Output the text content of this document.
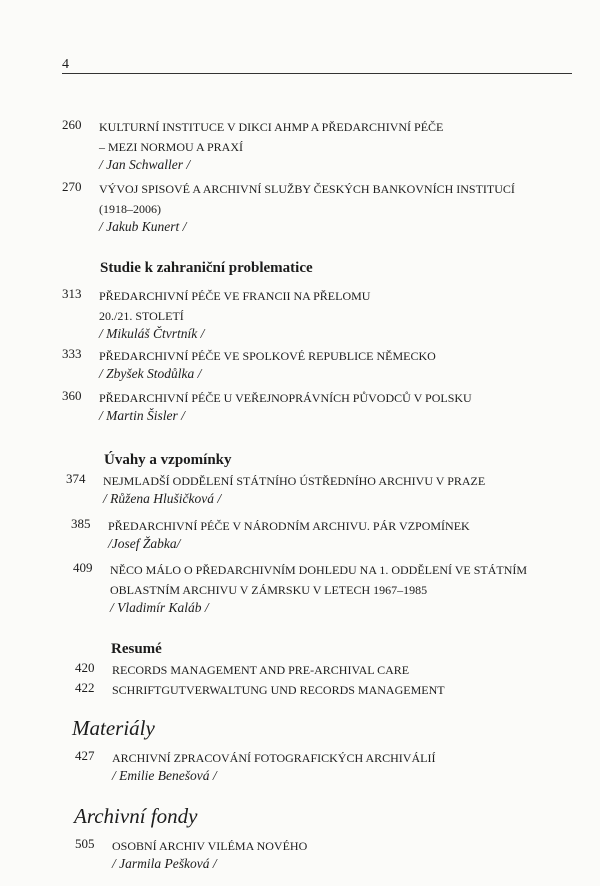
4
260	KULTURNÍ INSTITUCE V DIKCI AHMP A PŘEDARCHIVNÍ PÉČE
– MEZI NORMOU A PRAXÍ
/ Jan Schwaller /
270	VÝVOJ SPISOVÉ A ARCHIVNÍ SLUŽBY ČESKÝCH BANKOVNÍCH INSTITUCÍ
(1918–2006)
/ Jakub Kunert /
Studie k zahraniční problematice
313	PŘEDARCHIVNÍ PÉČE VE FRANCII NA PŘELOMU
20./21. STOLETÍ
/ Mikuláš Čtvrtník /
333	PŘEDARCHIVNÍ PÉČE VE SPOLKOVÉ REPUBLICE NĚMECKO
/ Zbyšek Stodůlka /
360	PŘEDARCHIVNÍ PÉČE U VEŘEJNOPRÁVNÍCH PŮVODCŮ V POLSKU
/ Martin Šisler /
Úvahy a vzpomínky
374	NEJMLADŠÍ ODDĚLENÍ STÁTNÍHO ÚSTŘEDNÍHO ARCHIVU V PRAZE
/ Růžena Hlušičková /
385	PŘEDARCHIVNÍ PÉČE V NÁRODNÍM ARCHIVU. PÁR VZPOMÍNEK
/Josef Žabka/
409	NĚCO MÁLO O PŘEDARCHIVNÍM DOHLEDU NA 1. ODDĚLENÍ VE STÁTNÍM
OBLASTNÍM ARCHIVU V ZÁMRSKU V LETECH 1967–1985
/ Vladimír Kaláb /
Resumé
420	RECORDS MANAGEMENT AND PRE-ARCHIVAL CARE
422	SCHRIFTGUTVERWALTUNG UND RECORDS MANAGEMENT
Materiály
427	ARCHIVNÍ ZPRACOVÁNÍ FOTOGRAFICKÝCH ARCHIVÁLIÍ
/ Emilie Benešová /
Archivní fondy
505	OSOBNÍ ARCHIV VILÉMA NOVÉHO
/ Jarmila Pešková /
